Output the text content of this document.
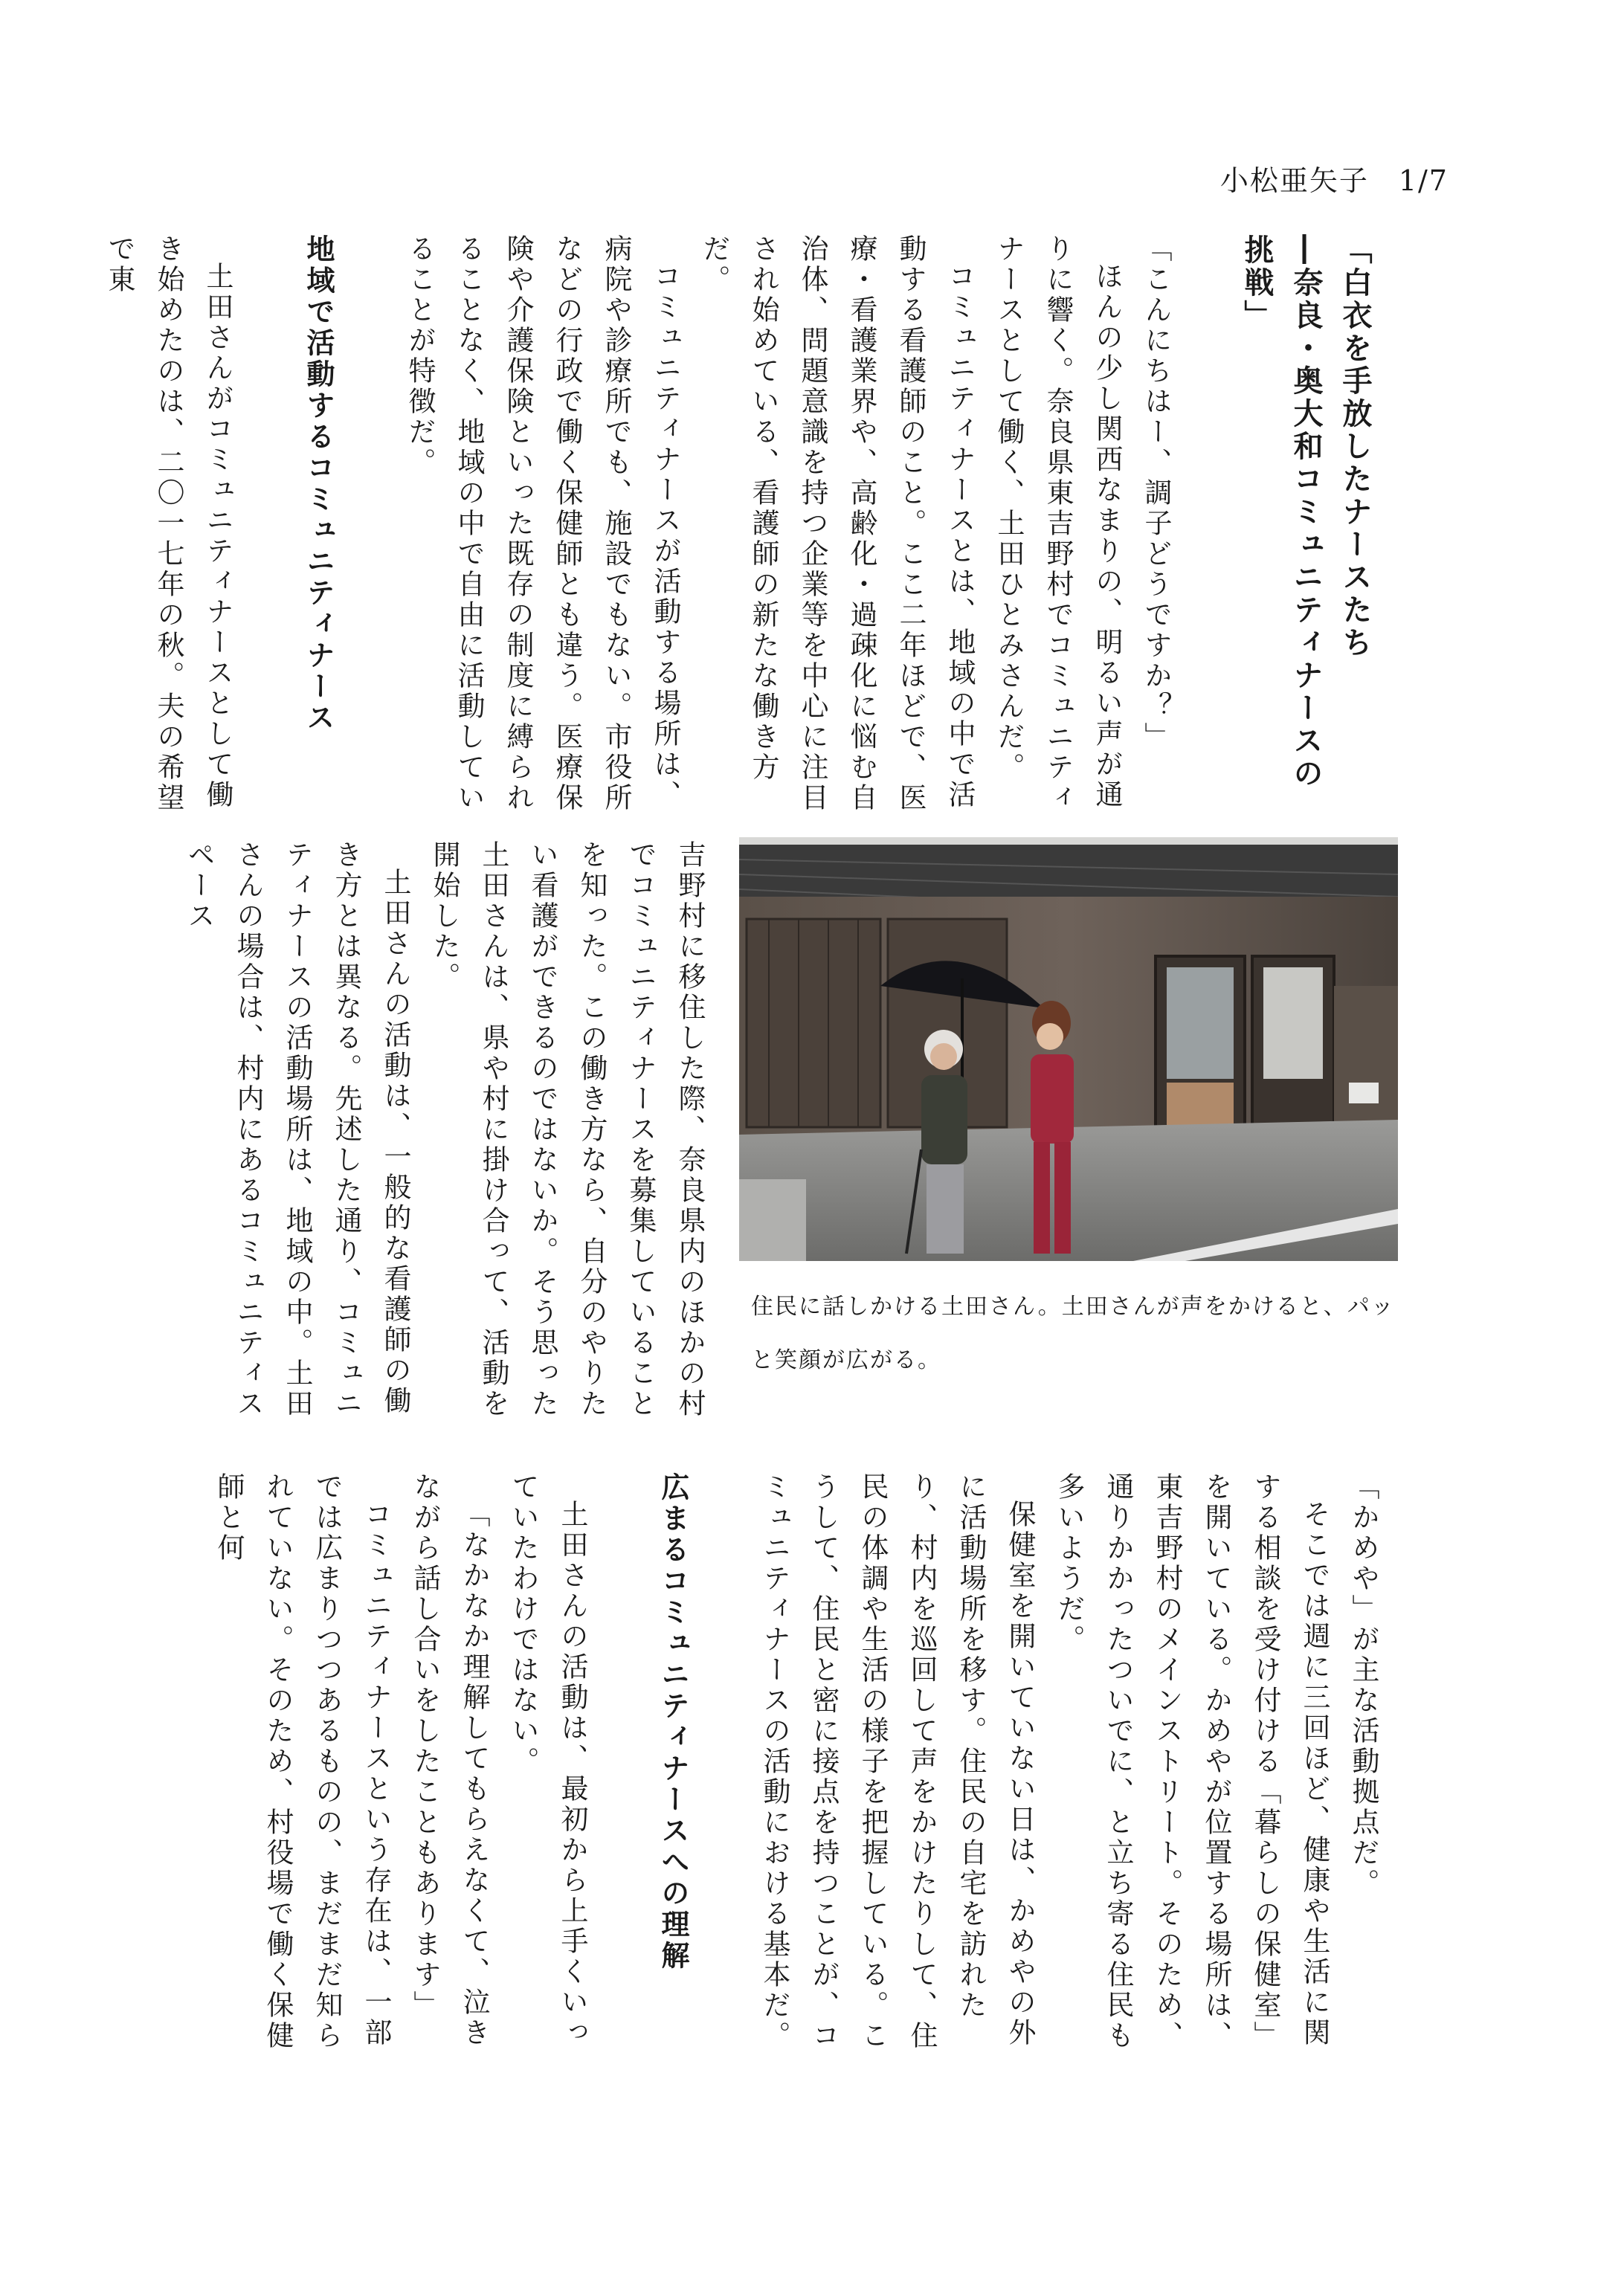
小松亜矢子　1/7
「白衣を手放したナースたち
―奈良・奥大和コミュニティナースの挑戦」

「こんにちはー、調子どうですか？」

ほんの少し関西なまりの、明るい声が通りに響く。奈良県東吉野村でコミュニティナースとして働く、土田ひとみさんだ。

コミュニティナースとは、地域の中で活動する看護師のこと。ここ二年ほどで、医療・看護業界や、高齢化・過疎化に悩む自治体、問題意識を持つ企業等を中心に注目され始めている、看護師の新たな働き方だ。

コミュニティナースが活動する場所は、病院や診療所でも、施設でもない。市役所などの行政で働く保健師とも違う。医療保険や介護保険といった既存の制度に縛られることなく、地域の中で自由に活動していることが特徴だ。

地域で活動するコミュニティナース

土田さんがコミュニティナースとして働き始めたのは、二〇一七年の秋。夫の希望で東

吉野村に移住した際、奈良県内のほかの村でコミュニティナースを募集していることを知った。この働き方なら、自分のやりたい看護ができるのではないか。そう思った土田さんは、県や村に掛け合って、活動を開始した。

土田さんの活動は、一般的な看護師の働き方とは異なる。先述した通り、コミュニティナースの活動場所は、地域の中。土田さんの場合は、村内にあるコミュニティスペース

住民に話しかける土田さん。土田さんが声をかけると、パッと笑顔が広がる。

「かめや」が主な活動拠点だ。

そこでは週に三回ほど、健康や生活に関する相談を受け付ける「暮らしの保健室」を開いている。かめやが位置する場所は、東吉野村のメインストリート。そのため、通りかかったついでに、と立ち寄る住民も多いようだ。

保健室を開いていない日は、かめやの外に活動場所を移す。住民の自宅を訪れたり、村内を巡回して声をかけたりして、住民の体調や生活の様子を把握している。こうして、住民と密に接点を持つことが、コミュニティナースの活動における基本だ。

広まるコミュニティナースへの理解

土田さんの活動は、最初から上手くいっていたわけではない。

「なかなか理解してもらえなくて、泣きながら話し合いをしたこともあります」

コミュニティナースという存在は、一部では広まりつつあるものの、まだまだ知られていない。そのため、村役場で働く保健師と何
